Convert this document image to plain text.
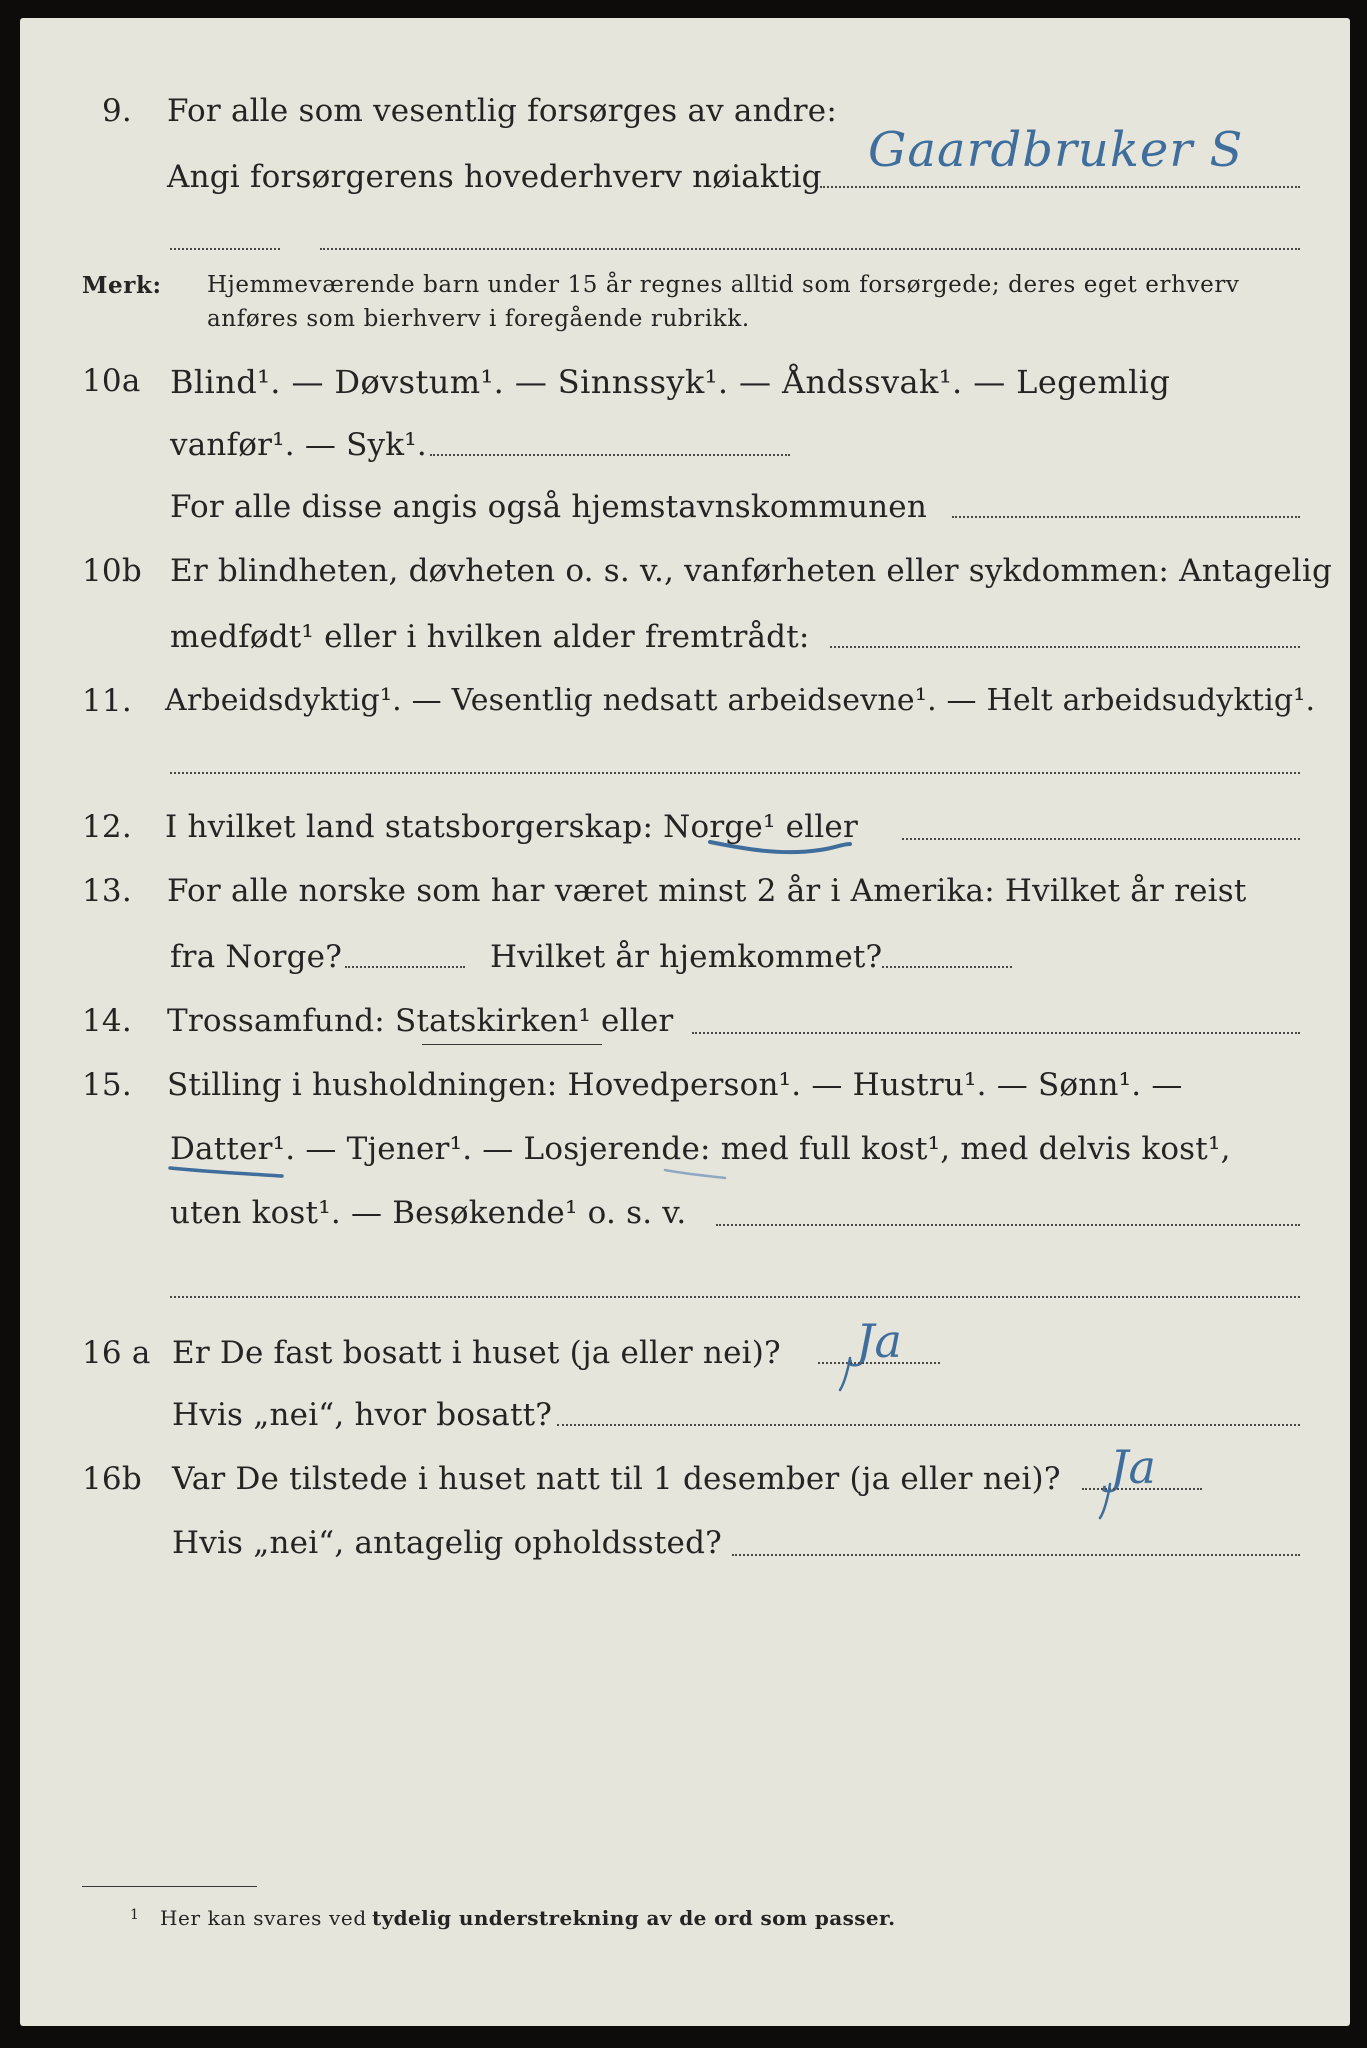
9. For alle som vesentlig forsørges av andre:
Gaardbruker S
Angi forsørgerens hovederhverv nøiaktig
Merk: Hjemmeværende barn under 15 år regnes alltid som forsørgede; deres eget erhverv
anføres som bierhverv i foregående rubrikk.
10a Blind¹. — Døvstum¹. — Sinnssyk¹. — Åndssvak¹. — Legemlig
vanfør¹. — Syk¹.
For alle disse angis også hjemstavnskommunen
10b Er blindheten, døvheten o. s. v., vanførheten eller sykdommen: Antagelig
medfødt¹ eller i hvilken alder fremtrådt:
11. Arbeidsdyktig¹. — Vesentlig nedsatt arbeidsevne¹. — Helt arbeidsudyktig¹.
12. I hvilket land statsborgerskap: Norge¹ eller
13. For alle norske som har været minst 2 år i Amerika: Hvilket år reist
fra Norge?	Hvilket år hjemkommet?
14. Trossamfund: Statskirken¹ eller
15. Stilling i husholdningen: Hovedperson¹. — Hustru¹. — Sønn¹. —
Datter¹. — Tjener¹. — Losjerende: med full kost¹, med delvis kost¹,
uten kost¹. — Besøkende¹ o. s. v.
16 a Er De fast bosatt i huset (ja eller nei)? Ja
Hvis „nei“, hvor bosatt?
16b Var De tilstede i huset natt til 1 desember (ja eller nei)? Ja
Hvis „nei“, antagelig opholdssted?
1 Her kan svares ved tydelig understrekning av de ord som passer.
